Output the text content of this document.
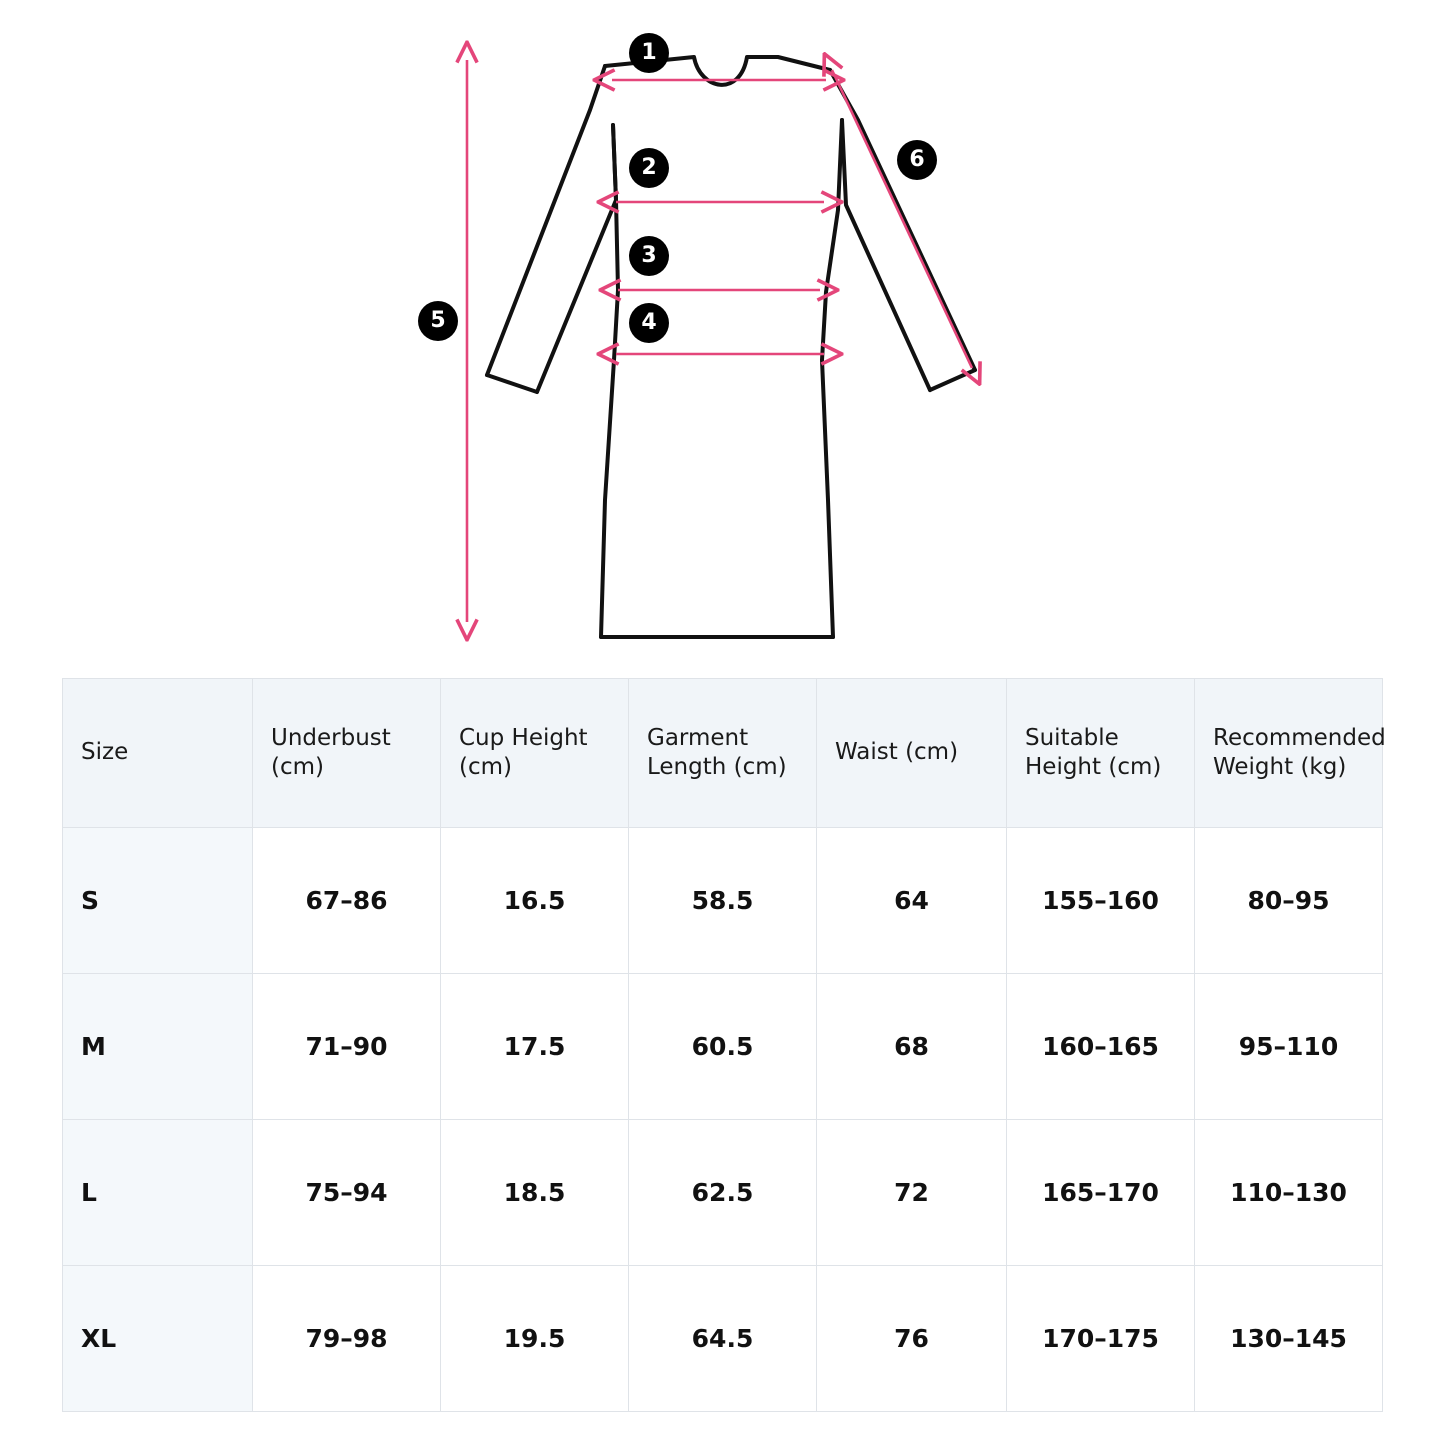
1
2
3
4
5
6
Size	Underbust (cm)	Cup Height (cm)	Garment Length (cm)	Waist (cm)	Suitable Height (cm)	Recommended Weight (kg)
S	67–86	16.5	58.5	64	155–160	80–95
M	71–90	17.5	60.5	68	160–165	95–110
L	75–94	18.5	62.5	72	165–170	110–130
XL	79–98	19.5	64.5	76	170–175	130–145
